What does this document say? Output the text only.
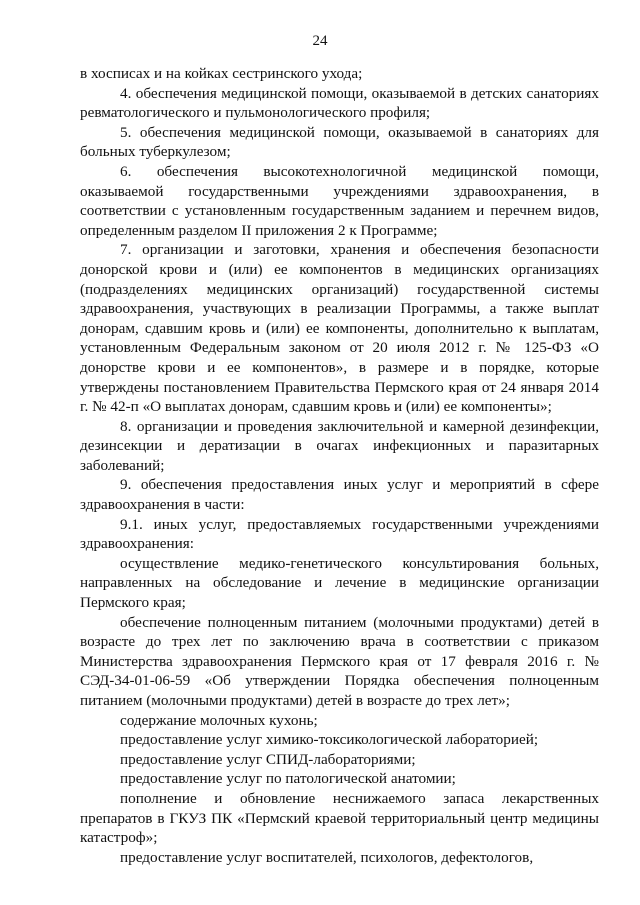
24

в хосписах и на койках сестринского ухода;

4. обеспечения медицинской помощи, оказываемой в детских санаториях ревматологического и пульмонологического профиля;

5. обеспечения медицинской помощи, оказываемой в санаториях для больных туберкулезом;

6. обеспечения высокотехнологичной медицинской помощи, оказываемой государственными учреждениями здравоохранения, в соответствии с установленным государственным заданием и перечнем видов, определенным разделом II приложения 2 к Программе;

7. организации и заготовки, хранения и обеспечения безопасности донорской крови и (или) ее компонентов в медицинских организациях (подразделениях медицинских организаций) государственной системы здравоохранения, участвующих в реализации Программы, а также выплат донорам, сдавшим кровь и (или) ее компоненты, дополнительно к выплатам, установленным Федеральным законом от 20 июля 2012 г. № 125-ФЗ «О донорстве крови и ее компонентов», в размере и в порядке, которые утверждены постановлением Правительства Пермского края от 24 января 2014 г. № 42-п «О выплатах донорам, сдавшим кровь и (или) ее компоненты»;

8. организации и проведения заключительной и камерной дезинфекции, дезинсекции и дератизации в очагах инфекционных и паразитарных заболеваний;

9. обеспечения предоставления иных услуг и мероприятий в сфере здравоохранения в части:

9.1. иных услуг, предоставляемых государственными учреждениями здравоохранения:

осуществление медико-генетического консультирования больных, направленных на обследование и лечение в медицинские организации Пермского края;

обеспечение полноценным питанием (молочными продуктами) детей в возрасте до трех лет по заключению врача в соответствии с приказом Министерства здравоохранения Пермского края от 17 февраля 2016 г. № СЭД-34-01-06-59 «Об утверждении Порядка обеспечения полноценным питанием (молочными продуктами) детей в возрасте до трех лет»;

содержание молочных кухонь;

предоставление услуг химико-токсикологической лабораторией;

предоставление услуг СПИД-лабораториями;

предоставление услуг по патологической анатомии;

пополнение и обновление неснижаемого запаса лекарственных препаратов в ГКУЗ ПК «Пермский краевой территориальный центр медицины катастроф»;

предоставление услуг воспитателей, психологов, дефектологов,
